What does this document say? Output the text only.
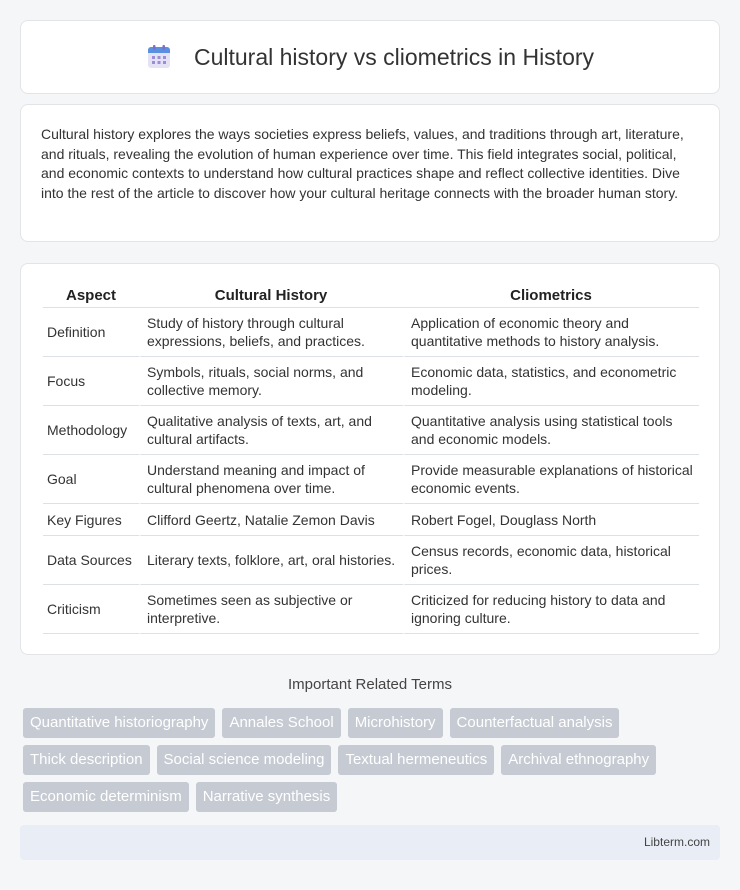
Cultural history vs cliometrics in History

Cultural history explores the ways societies express beliefs, values, and traditions through art, literature, and rituals, revealing the evolution of human experience over time. This field integrates social, political, and economic contexts to understand how cultural practices shape and reflect collective identities. Dive into the rest of the article to discover how your cultural heritage connects with the broader human story.

Aspect	Cultural History	Cliometrics
Definition	Study of history through cultural expressions, beliefs, and practices.	Application of economic theory and quantitative methods to history analysis.
Focus	Symbols, rituals, social norms, and collective memory.	Economic data, statistics, and econometric modeling.
Methodology	Qualitative analysis of texts, art, and cultural artifacts.	Quantitative analysis using statistical tools and economic models.
Goal	Understand meaning and impact of cultural phenomena over time.	Provide measurable explanations of historical economic events.
Key Figures	Clifford Geertz, Natalie Zemon Davis	Robert Fogel, Douglass North
Data Sources	Literary texts, folklore, art, oral histories.	Census records, economic data, historical prices.
Criticism	Sometimes seen as subjective or interpretive.	Criticized for reducing history to data and ignoring culture.
Important Related Terms
Quantitative historiography	Annales School	Microhistory	Counterfactual analysis
Thick description	Social science modeling	Textual hermeneutics	Archival ethnography
Economic determinism	Narrative synthesis
Libterm.com
